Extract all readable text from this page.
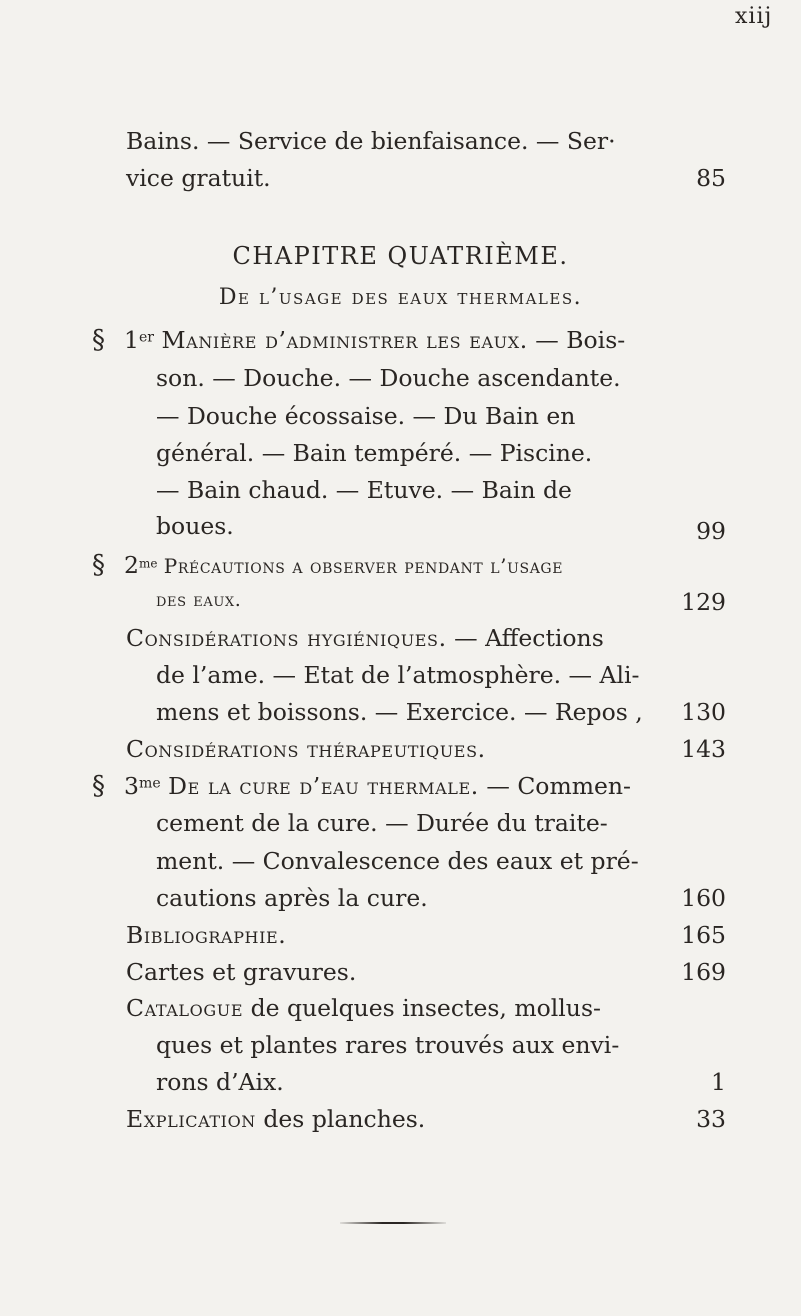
xiij
Bains. — Service de bienfaisance. — Ser·
vice gratuit.	85
CHAPITRE QUATRIÈME.
De l’usage des eaux thermales.
§ 1er Manière d’administrer les eaux. — Bois-
son. — Douche. — Douche ascendante.
— Douche écossaise. — Du Bain en
général. — Bain tempéré. — Piscine.
— Bain chaud. — Etuve. — Bain de
boues.	99
§ $2^{me}$ Précautions a observer pendant l’usage
des eaux.	129
Considérations hygiéniques. — Affections
de l’ame. — Etat de l’atmosphère. — Ali-
mens et boissons. — Exercice. — Repos ,	130
Considérations thérapeutiques.	143
§ $3^{me}$ De la cure d’eau thermale. — Commen-
cement de la cure. — Durée du traite-
ment. — Convalescence des eaux et pré-
cautions après la cure.	160
Bibliographie.	165
Cartes et gravures.	169
Catalogue de quelques insectes, mollus-
ques et plantes rares trouvés aux envi-
rons d’Aix.	1
Explication des planches.	33
